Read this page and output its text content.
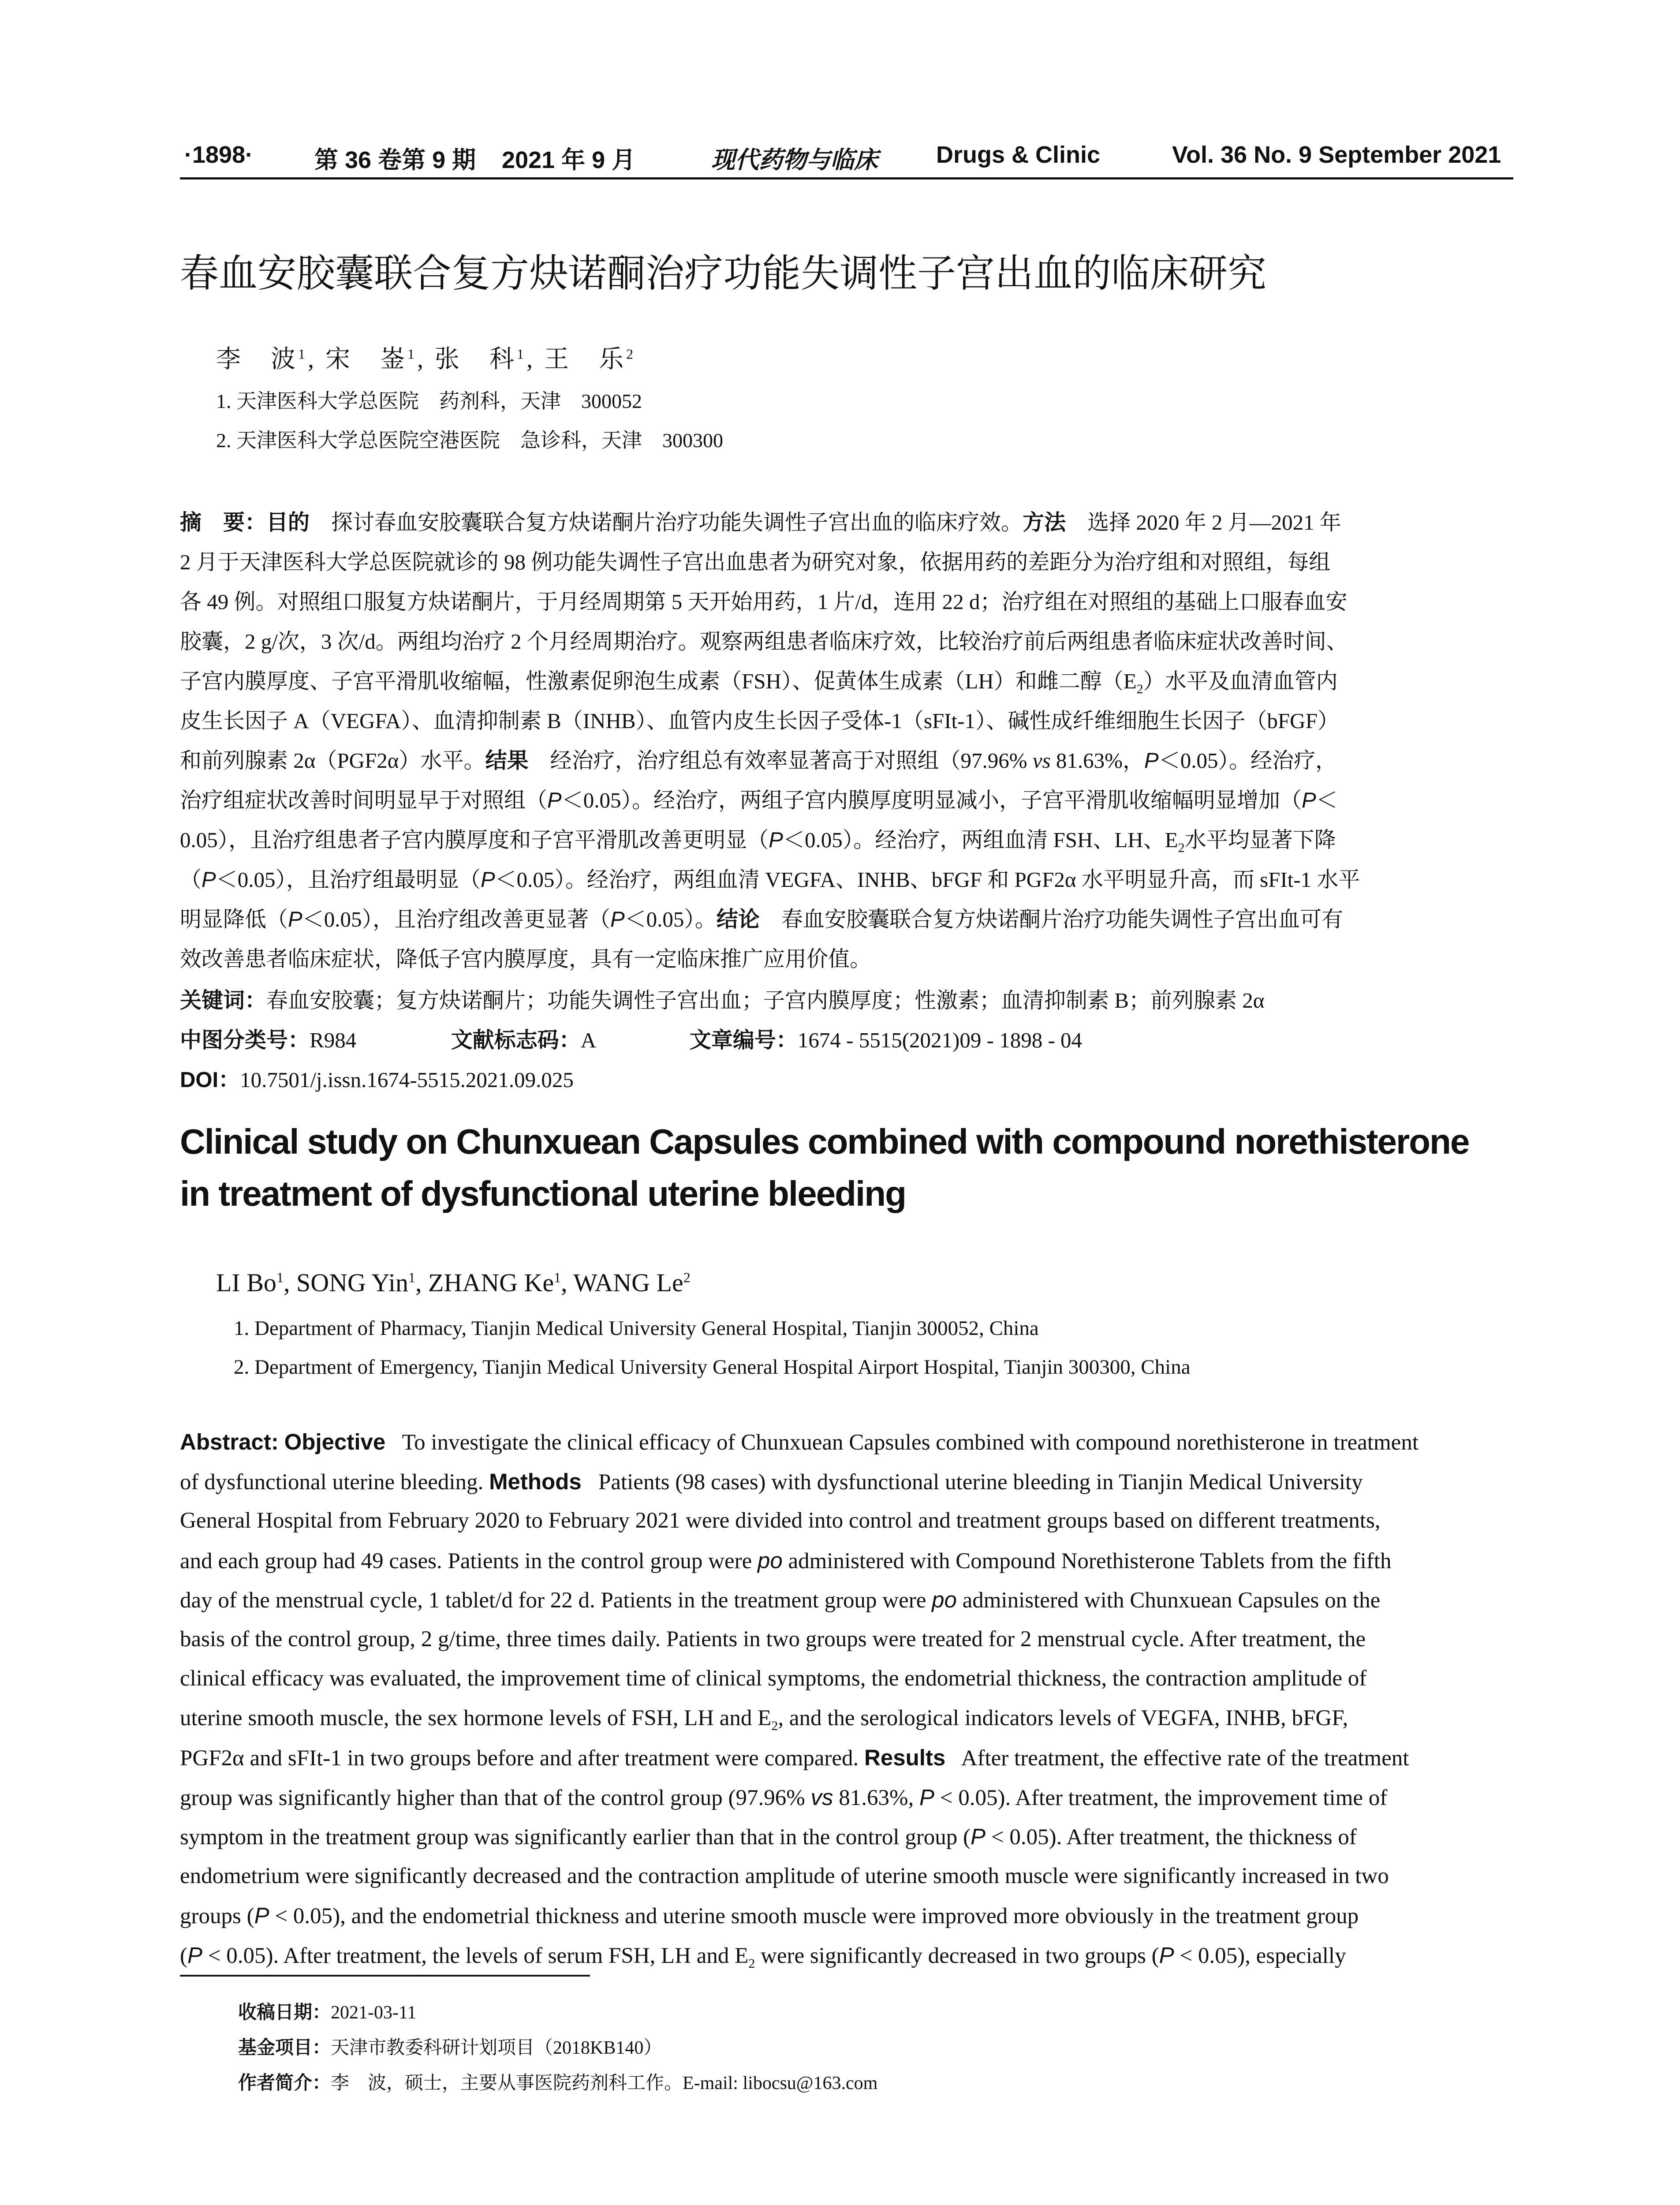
·1898·	第 36 卷第 9 期 2021 年 9 月	现代药物与临床 Drugs & Clinic	Vol. 36 No. 9 September 2021
春血安胶囊联合复方炔诺酮治疗功能失调性子宫出血的临床研究
李　波$^1$, 宋　崟$^1$, 张　科$^1$, 王　乐$^2$
1. 天津医科大学总医院　药剂科，天津　300052
2. 天津医科大学总医院空港医院　急诊科，天津　300300
摘　要：目的　 探讨春血安胶囊联合复方炔诺酮片治疗功能失调性子宫出血的临床疗效。方法　 选择 2020 年 2 月—2021 年
2 月于天津医科大学总医院就诊的 98 例功能失调性子宫出血患者为研究对象，依据用药的差距分为治疗组和对照组，每组
各 49 例。对照组口服复方炔诺酮片，于月经周期第 5 天开始用药，1 片/d，连用 22 d；治疗组在对照组的基础上口服春血安
胶囊，2 g/次，3 次/d。两组均治疗 2 个月经周期治疗。观察两组患者临床疗效，比较治疗前后两组患者临床症状改善时间、
子宫内膜厚度、子宫平滑肌收缩幅，性激素促卵泡生成素（FSH）、促黄体生成素（LH）和雌二醇$(E_2)$水平及血清血管内
皮生长因子 A（VEGFA）、血清抑制素 B（INHB）、血管内皮生长因子受体-1（sFIt-1）、碱性成纤维细胞生长因子（bFGF）
和前列腺素 2α（PGF2α）水平。结果　 经治疗，治疗组总有效率显著高于对照组（97.96% vs 81.63%，P＜0.05）。经治疗，
治疗组症状改善时间明显早于对照组（P＜0.05）。经治疗，两组子宫内膜厚度明显减小，子宫平滑肌收缩幅明显增加（P＜
0.05），且治疗组患者子宫内膜厚度和子宫平滑肌改善更明显（P＜0.05）。经治疗，两组血清 FSH、LH、$E_2$水平均显著下降
（P＜0.05），且治疗组最明显（P＜0.05）。经治疗，两组血清 VEGFA、INHB、bFGF 和 PGF2α 水平明显升高，而 sFIt-1 水平
明显降低（P＜0.05），且治疗组改善更显著（P＜0.05）。结论　 春血安胶囊联合复方炔诺酮片治疗功能失调性子宫出血可有
效改善患者临床症状，降低子宫内膜厚度，具有一定临床推广应用价值。
关键词：春血安胶囊；复方炔诺酮片；功能失调性子宫出血；子宫内膜厚度；性激素；血清抑制素 B；前列腺素 2α
中图分类号：R984	文献标志码：A	文章编号：1674 - 5515(2021)09 - 1898 - 04
DOI：10.7501/j.issn.1674-5515.2021.09.025
Clinical study on Chunxuean Capsules combined with compound norethisterone
in treatment of dysfunctional uterine bleeding
LI Bo$^1$, SONG Yin$^1$, ZHANG Ke$^1$, WANG Le$^2$
1. Department of Pharmacy, Tianjin Medical University General Hospital, Tianjin 300052, China
2. Department of Emergency, Tianjin Medical University General Hospital Airport Hospital, Tianjin 300300, China
Abstract: Objective To investigate the clinical efficacy of Chunxuean Capsules combined with compound norethisterone in treatment
of dysfunctional uterine bleeding. Methods Patients (98 cases) with dysfunctional uterine bleeding in Tianjin Medical University
General Hospital from February 2020 to February 2021 were divided into control and treatment groups based on different treatments,
and each group had 49 cases. Patients in the control group were po administered with Compound Norethisterone Tablets from the fifth
day of the menstrual cycle, 1 tablet/d for 22 d. Patients in the treatment group were po administered with Chunxuean Capsules on the
basis of the control group, 2 g/time, three times daily. Patients in two groups were treated for 2 menstrual cycle. After treatment, the
clinical efficacy was evaluated, the improvement time of clinical symptoms, the endometrial thickness, the contraction amplitude of
uterine smooth muscle, the sex hormone levels of FSH, LH and $E_2$, and the serological indicators levels of VEGFA, INHB, bFGF,
PGF2α and sFIt-1 in two groups before and after treatment were compared. Results After treatment, the effective rate of the treatment
group was significantly higher than that of the control group (97.96% vs 81.63%, P < 0.05). After treatment, the improvement time of
symptom in the treatment group was significantly earlier than that in the control group (P < 0.05). After treatment, the thickness of
endometrium were significantly decreased and the contraction amplitude of uterine smooth muscle were significantly increased in two
groups (P < 0.05), and the endometrial thickness and uterine smooth muscle were improved more obviously in the treatment group
(P < 0.05). After treatment, the levels of serum FSH, LH and $E_2$ were significantly decreased in two groups (P < 0.05), especially
收稿日期：2021-03-11
基金项目：天津市教委科研计划项目（2018KB140）
作者简介：李　波，硕士，主要从事医院药剂科工作。E-mail: libocsu@163.com
